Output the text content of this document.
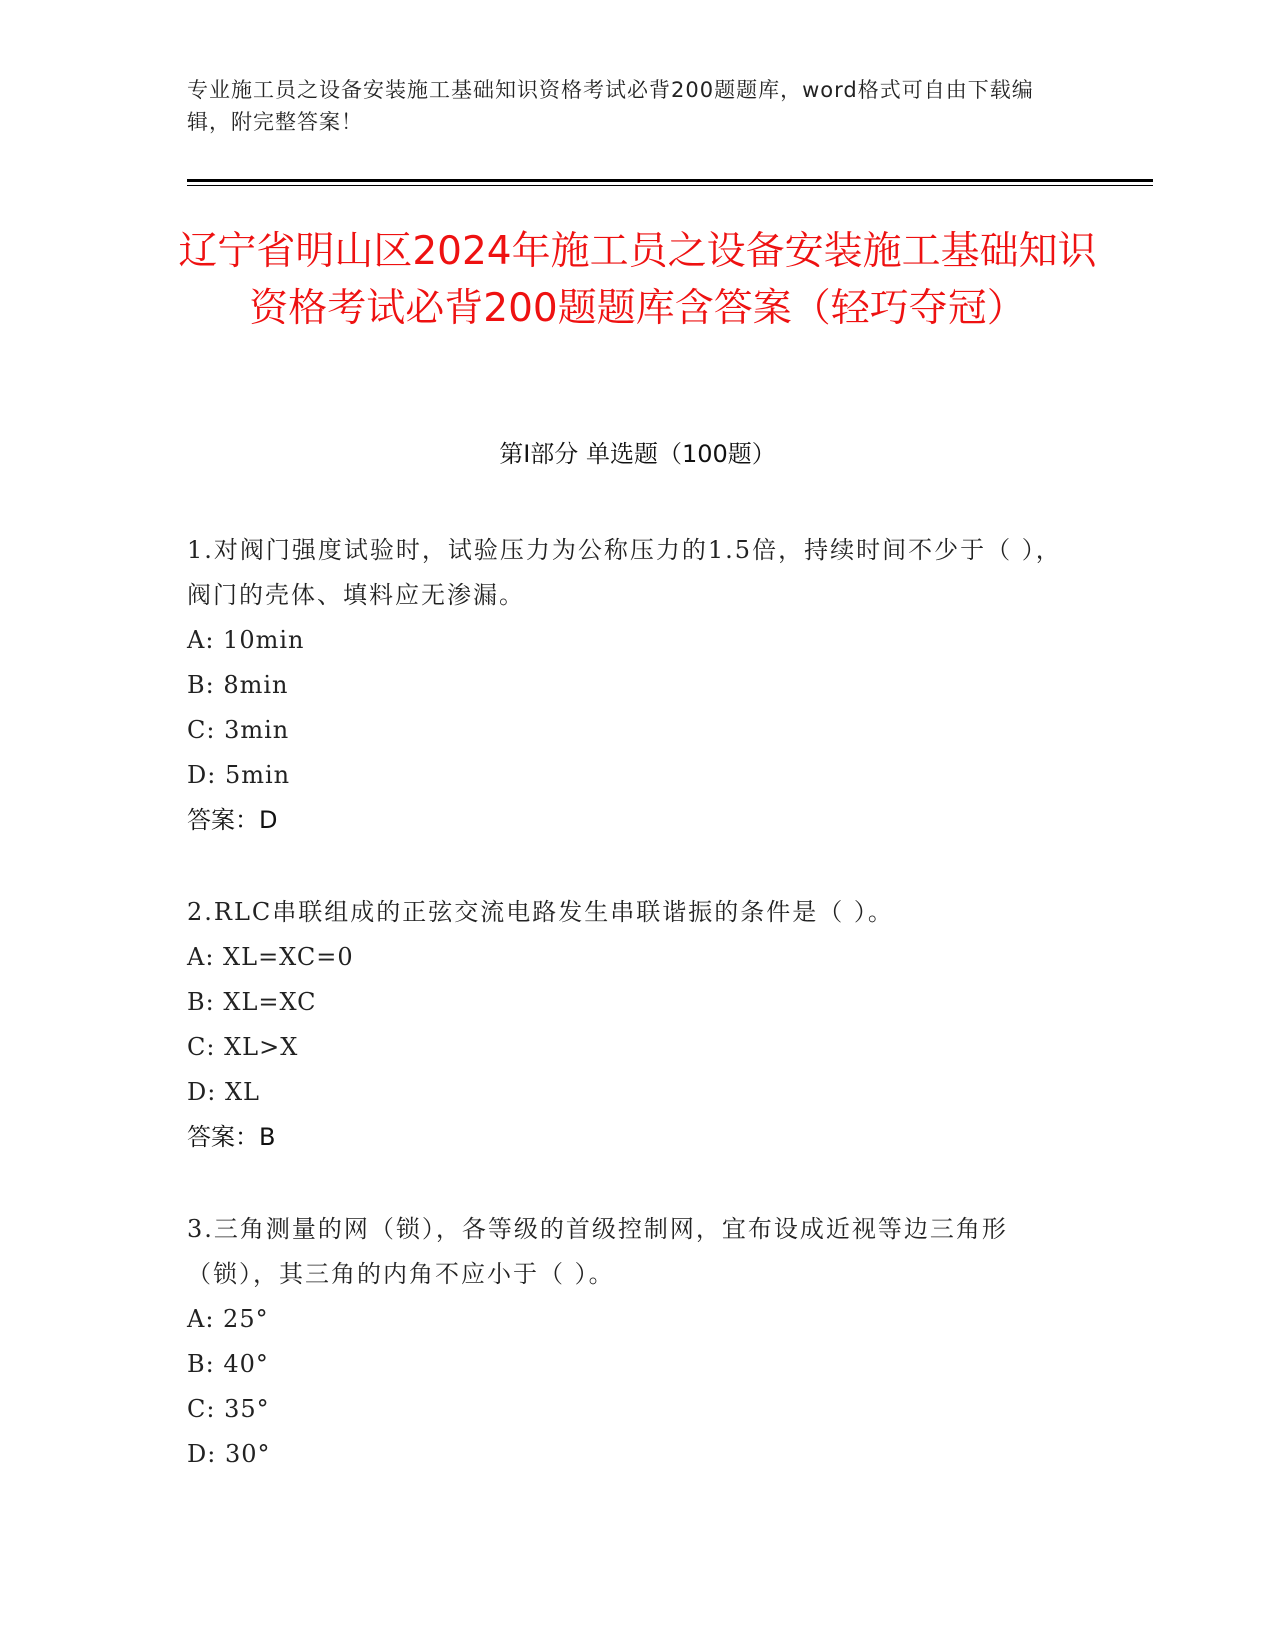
专业施工员之设备安装施工基础知识资格考试必背200题题库，word格式可自由下载编辑，附完整答案！
辽宁省明山区2024年施工员之设备安装施工基础知识资格考试必背200题题库含答案（轻巧夺冠）
第I部分 单选题（100题）
1.对阀门强度试验时，试验压力为公称压力的1.5倍，持续时间不少于（ ），阀门的壳体、填料应无渗漏。
A: 10min
B: 8min
C: 3min
D: 5min
答案：D
2.RLC串联组成的正弦交流电路发生串联谐振的条件是（ ）。
A: XL=XC=0
B: XL=XC
C: XL>X
D: XL
答案：B
3.三角测量的网（锁），各等级的首级控制网，宜布设成近视等边三角形（锁），其三角的内角不应小于（ ）。
A: 25°
B: 40°
C: 35°
D: 30°
